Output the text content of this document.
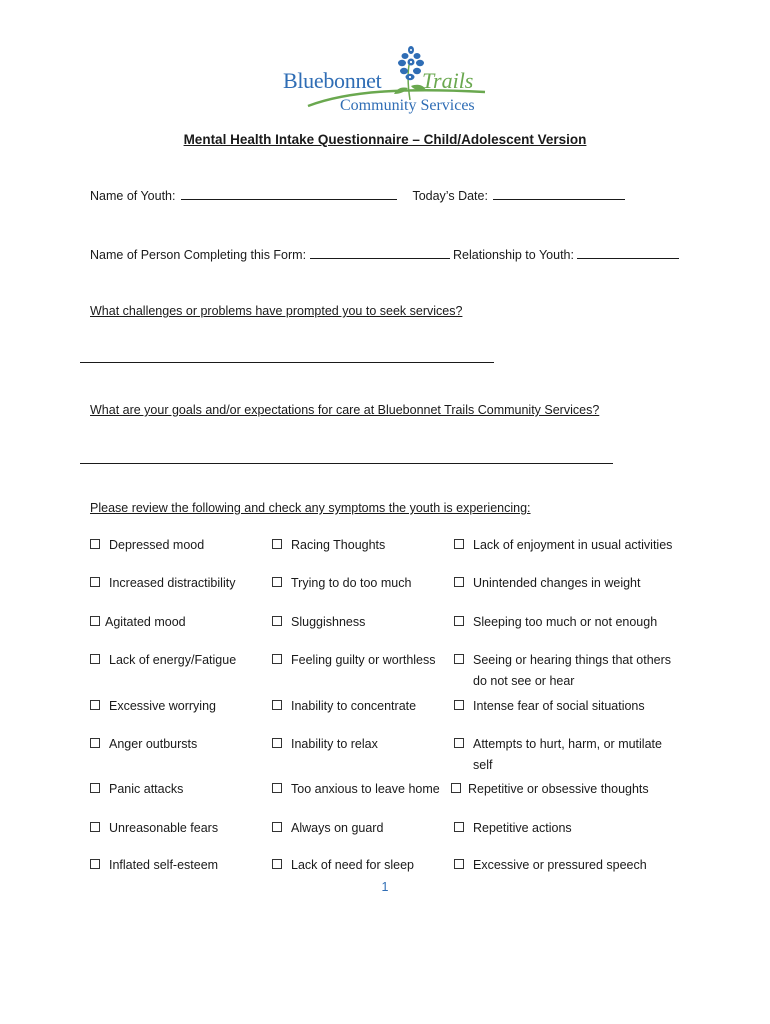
Bluebonnet Trails
Community Services
Mental Health Intake Questionnaire – Child/Adolescent Version
Name of Youth:	Today’s Date:
Name of Person Completing this Form:	Relationship to Youth:
What challenges or problems have prompted you to seek services?
What are your goals and/or expectations for care at Bluebonnet Trails Community Services?
Please review the following and check any symptoms the youth is experiencing:
Depressed mood
Increased distractibility
Agitated mood
Lack of energy/Fatigue
Excessive worrying
Anger outbursts
Panic attacks
Unreasonable fears
Inflated self-esteem
Racing Thoughts
Trying to do too much
Sluggishness
Feeling guilty or worthless
Inability to concentrate
Inability to relax
Too anxious to leave home
Always on guard
Lack of need for sleep
Lack of enjoyment in usual activities
Unintended changes in weight
Sleeping too much or not enough
Seeing or hearing things that others
do not see or hear
Intense fear of social situations
Attempts to hurt, harm, or mutilate
self
Repetitive or obsessive thoughts
Repetitive actions
Excessive or pressured speech
1
